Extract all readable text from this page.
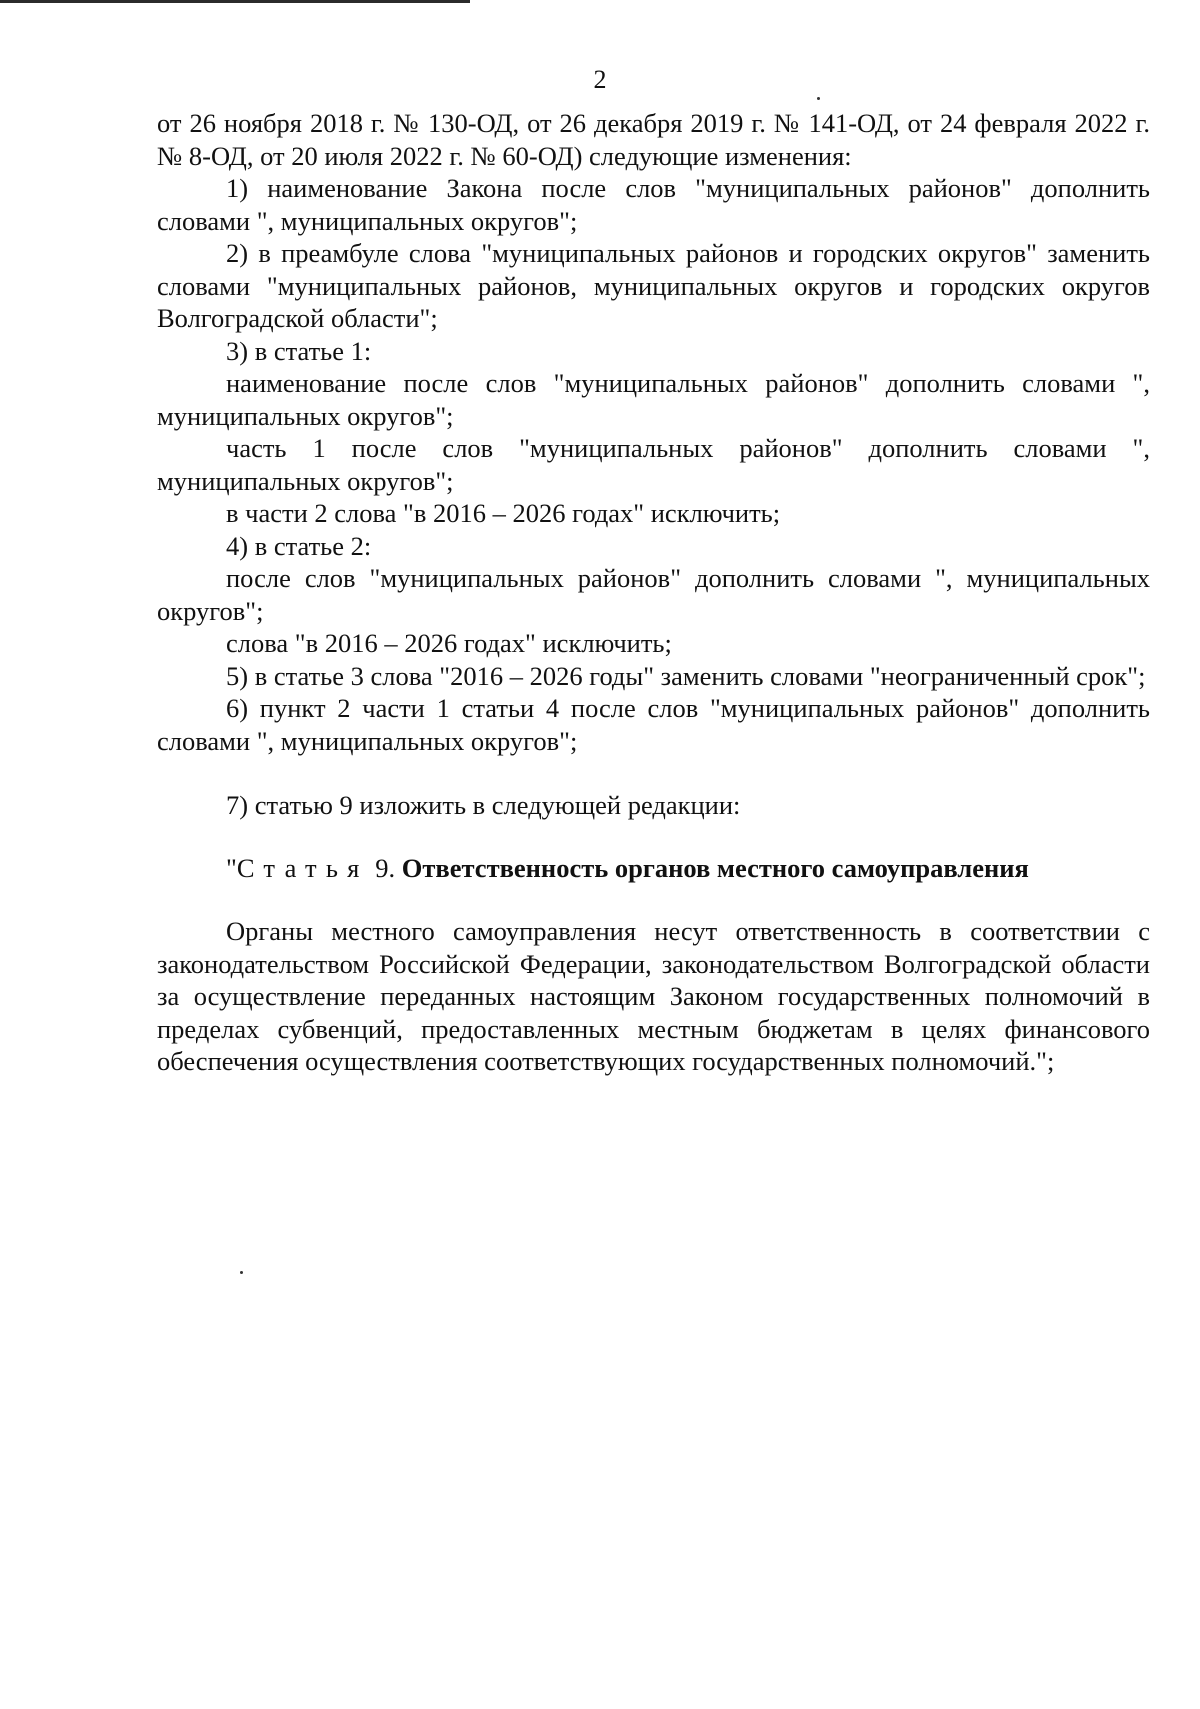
2

от 26 ноября 2018 г. № 130-ОД, от 26 декабря 2019 г. № 141-ОД, от 24 февраля 2022 г. № 8-ОД, от 20 июля 2022 г. № 60-ОД) следующие изменения:

1) наименование Закона после слов "муниципальных районов" дополнить словами ", муниципальных округов";

2) в преамбуле слова "муниципальных районов и городских округов" заменить словами "муниципальных районов, муниципальных округов и городских округов Волгоградской области";

3) в статье 1:

наименование после слов "муниципальных районов" дополнить словами ", муниципальных округов";

часть 1 после слов "муниципальных районов" дополнить словами ", муниципальных округов";

в части 2 слова "в 2016 – 2026 годах" исключить;

4) в статье 2:

после слов "муниципальных районов" дополнить словами ", муниципальных округов";

слова "в 2016 – 2026 годах" исключить;

5) в статье 3 слова "2016 – 2026 годы" заменить словами "неограниченный срок";

6) пункт 2 части 1 статьи 4 после слов "муниципальных районов" дополнить словами ", муниципальных округов";

7) статью 9 изложить в следующей редакции:

"Статья 9. Ответственность органов местного самоуправления

Органы местного самоуправления несут ответственность в соответствии с законодательством Российской Федерации, законодательством Волгоградской области за осуществление переданных настоящим Законом государственных полномочий в пределах субвенций, предоставленных местным бюджетам в целях финансового обеспечения осуществления соответствующих государственных полномочий.";
